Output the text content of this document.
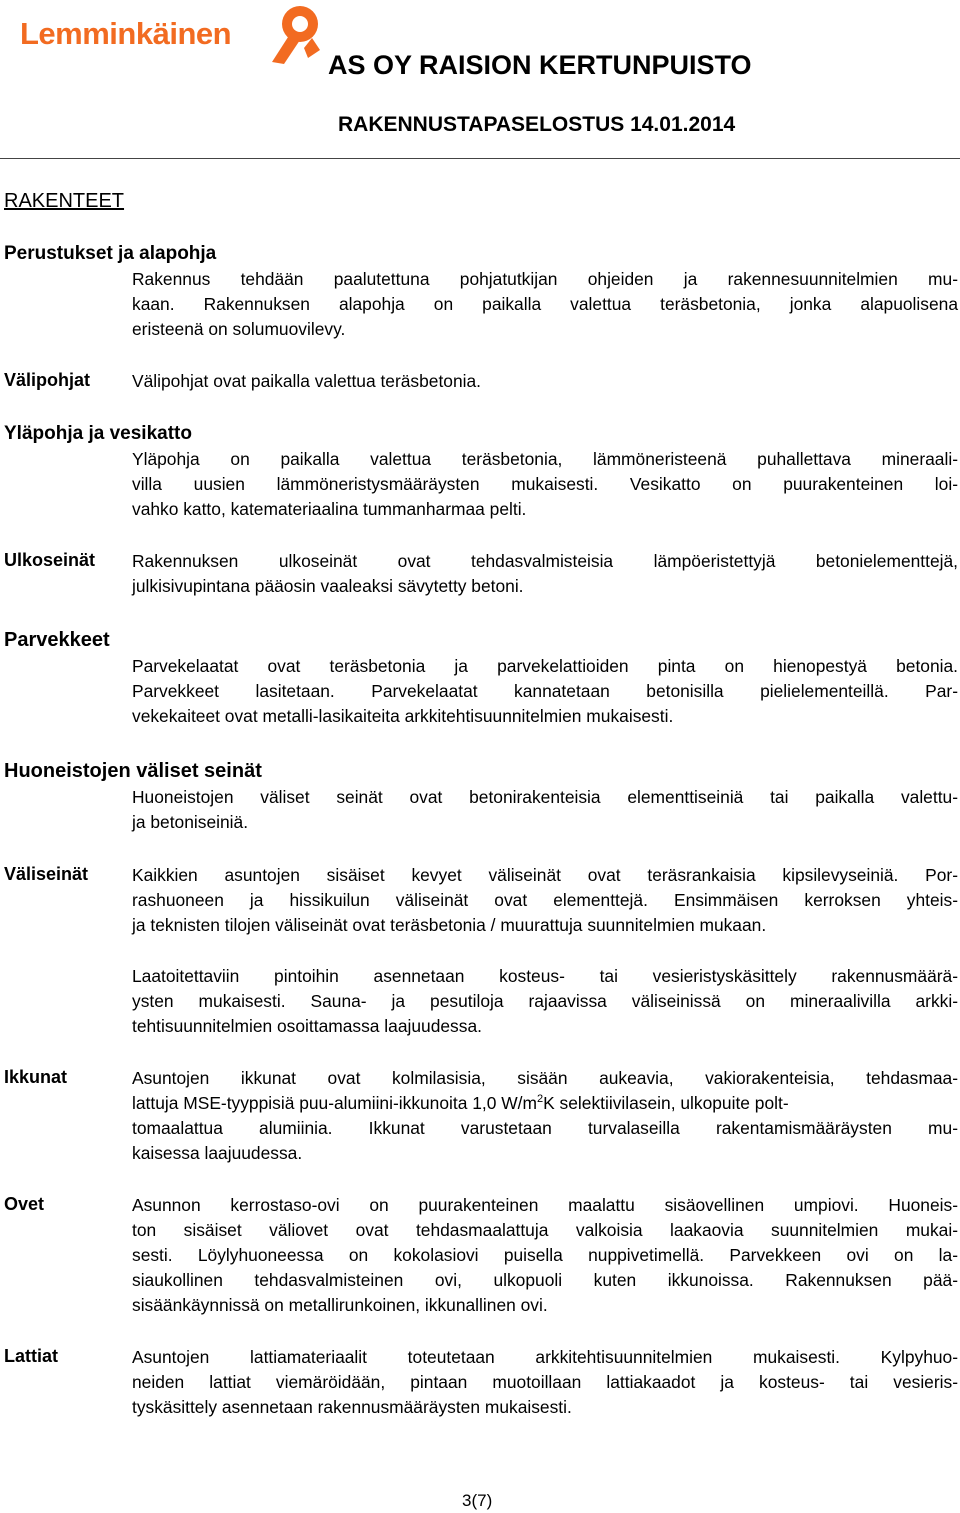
Lemminkäinen
AS OY RAISION KERTUNPUISTO
RAKENNUSTAPASELOSTUS 14.01.2014
RAKENTEET
Perustukset ja alapohja
Rakennus tehdään paalutettuna pohjatutkijan ohjeiden ja rakennesuunnitelmien mu-
kaan. Rakennuksen alapohja on paikalla valettua teräsbetonia, jonka alapuolisena
eristeenä on solumuovilevy.
Välipohjat Välipohjat ovat paikalla valettua teräsbetonia.
Yläpohja ja vesikatto
Yläpohja on paikalla valettua teräsbetonia, lämmöneristeenä puhallettava mineraali-
villa uusien lämmöneristysmääräysten mukaisesti. Vesikatto on puurakenteinen loi-
vahko katto, katemateriaalina tummanharmaa pelti.
Ulkoseinät Rakennuksen ulkoseinät ovat tehdasvalmisteisia lämpöeristettyjä betonielementtejä,
julkisivupintana pääosin vaaleaksi sävytetty betoni.
Parvekkeet
Parvekelaatat ovat teräsbetonia ja parvekelattioiden pinta on hienopestyä betonia.
Parvekkeet lasitetaan. Parvekelaatat kannatetaan betonisilla pielielementeillä. Par-
vekekaiteet ovat metalli-lasikaiteita arkkitehtisuunnitelmien mukaisesti.
Huoneistojen väliset seinät
Huoneistojen väliset seinät ovat betonirakenteisia elementtiseiniä tai paikalla valettu-
ja betoniseiniä.
Väliseinät	Kaikkien asuntojen sisäiset kevyet väliseinät ovat teräsrankaisia kipsilevyseiniä. Por-
rashuoneen ja hissikuilun väliseinät ovat elementtejä. Ensimmäisen kerroksen yhteis-
ja teknisten tilojen väliseinät ovat teräsbetonia / muurattuja suunnitelmien mukaan.
Laatoitettaviin pintoihin asennetaan kosteus- tai vesieristyskäsittely rakennusmäärä-
ysten mukaisesti. Sauna- ja pesutiloja rajaavissa väliseinissä on mineraalivilla arkki-
tehtisuunnitelmien osoittamassa laajuudessa.
Ikkunat	Asuntojen ikkunat ovat kolmilasisia, sisään aukeavia, vakiorakenteisia, tehdasmaa-
lattuja MSE-tyyppisiä puu-alumiini-ikkunoita 1,0 $W/m^2K$ selektiivilasein, ulkopuite polt-
tomaalattua alumiinia. Ikkunat varustetaan turvalaseilla rakentamismääräysten mu-
kaisessa laajuudessa.
Ovet	Asunnon kerrostaso-ovi on puurakenteinen maalattu sisäovellinen umpiovi. Huoneis-
ton sisäiset väliovet ovat tehdasmaalattuja valkoisia laakaovia suunnitelmien mukai-
sesti. Löylyhuoneessa on kokolasiovi puisella nuppivetimellä. Parvekkeen ovi on la-
siaukollinen tehdasvalmisteinen ovi, ulkopuoli kuten ikkunoissa. Rakennuksen pää-
sisäänkäynnissä on metallirunkoinen, ikkunallinen ovi.
Lattiat	Asuntojen lattiamateriaalit toteutetaan arkkitehtisuunnitelmien mukaisesti. Kylpyhuo-
neiden lattiat viemäröidään, pintaan muotoillaan lattiakaadot ja kosteus- tai vesieris-
tyskäsittely asennetaan rakennusmääräysten mukaisesti.
3(7)
